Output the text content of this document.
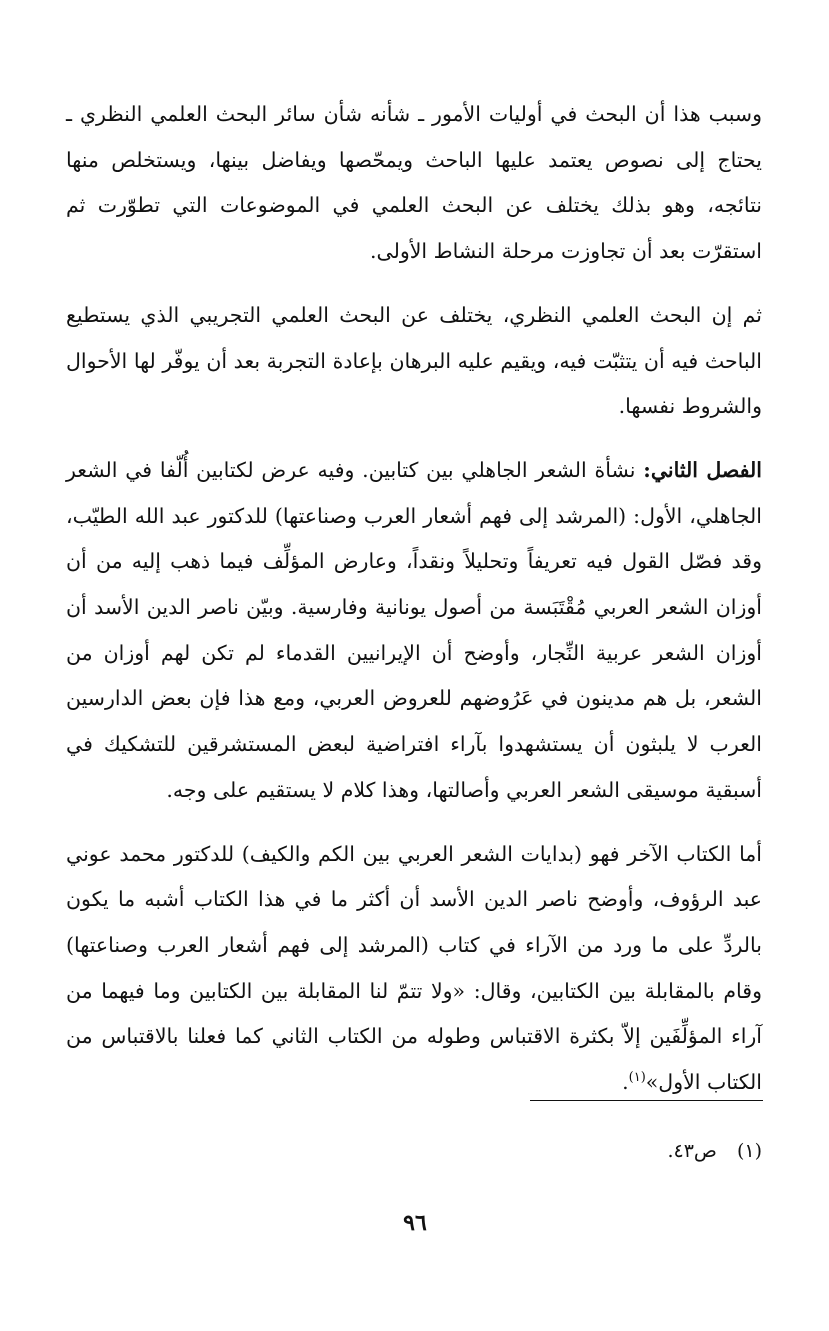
وسبب هذا أن البحث في أوليات الأمور ـ شأنه شأن سائر البحث العلمي النظري ـ يحتاج إلى نصوص يعتمد عليها الباحث ويمحّصها ويفاضل بينها، ويستخلص منها نتائجه، وهو بذلك يختلف عن البحث العلمي في الموضوعات التي تطوّرت ثم استقرّت بعد أن تجاوزت مرحلة النشاط الأولى.

ثم إن البحث العلمي النظري، يختلف عن البحث العلمي التجريبي الذي يستطيع الباحث فيه أن يتثبّت فيه، ويقيم عليه البرهان بإعادة التجربة بعد أن يوفّر لها الأحوال والشروط نفسها.

الفصل الثاني: نشأة الشعر الجاهلي بين كتابين. وفيه عرض لكتابين أُلّفا في الشعر الجاهلي، الأول: (المرشد إلى فهم أشعار العرب وصناعتها) للدكتور عبد الله الطيّب، وقد فصّل القول فيه تعريفاً وتحليلاً ونقداً، وعارض المؤلِّف فيما ذهب إليه من أن أوزان الشعر العربي مُقْتَبَسة من أصول يونانية وفارسية. وبيّن ناصر الدين الأسد أن أوزان الشعر عربية النِّجار، وأوضح أن الإيرانيين القدماء لم تكن لهم أوزان من الشعر، بل هم مدينون في عَرُوضهم للعروض العربي، ومع هذا فإن بعض الدارسين العرب لا يلبثون أن يستشهدوا بآراء افتراضية لبعض المستشرقين للتشكيك في أسبقية موسيقى الشعر العربي وأصالتها، وهذا كلام لا يستقيم على وجه.

أما الكتاب الآخر فهو (بدايات الشعر العربي بين الكم والكيف) للدكتور محمد عوني عبد الرؤوف، وأوضح ناصر الدين الأسد أن أكثر ما في هذا الكتاب أشبه ما يكون بالردِّ على ما ورد من الآراء في كتاب (المرشد إلى فهم أشعار العرب وصناعتها) وقام بالمقابلة بين الكتابين، وقال: «ولا تتمّ لنا المقابلة بين الكتابين وما فيهما من آراء المؤلِّفَين إلاّ بكثرة الاقتباس وطوله من الكتاب الثاني كما فعلنا بالاقتباس من الكتاب الأول»$^{(١)}$.

(١) ص٤٣.
٩٦
